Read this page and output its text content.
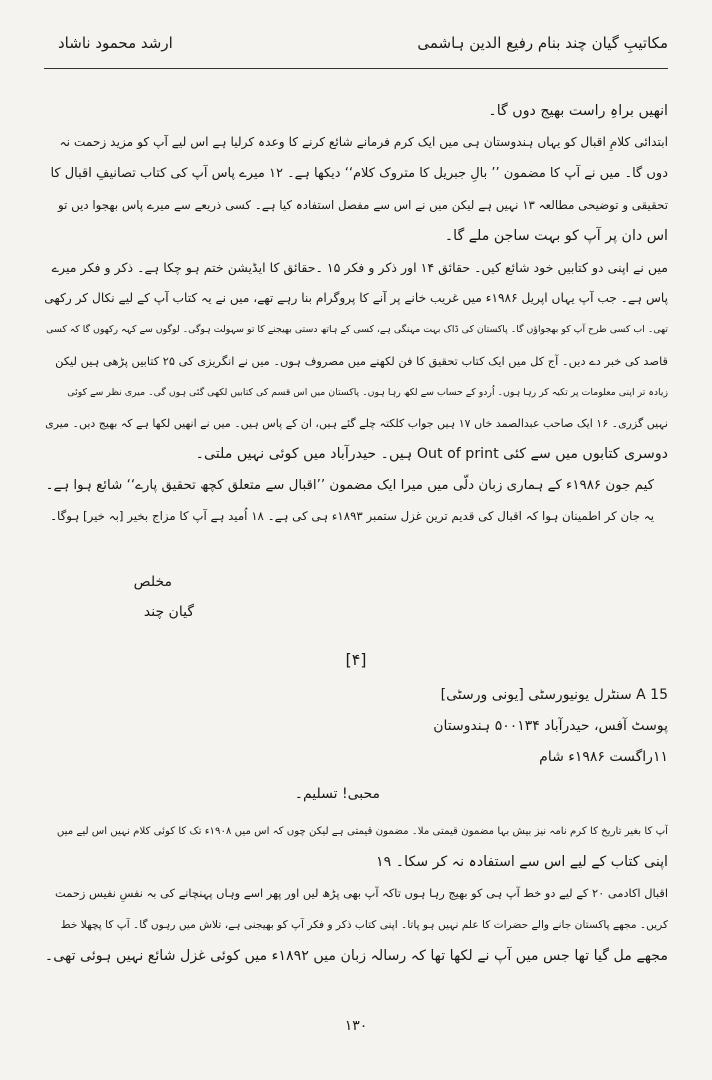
ارشد محمود ناشاد	مکاتیبِ گیان چند بنام رفیع الدین ہاشمی
انھیں براہِ راست بھیج دوں گا۔
ابتدائی کلامِ اقبال کو یہاں ہندوستان ہی میں ایک کرم فرمانے شائع کرنے کا وعدہ کرلیا ہے اس لیے آپ کو مزید زحمت نہ
دوں گا۔ میں نے آپ کا مضمون ’’ بالِ جبریل کا متروک کلام‘‘ دیکھا ہے۔ ۱۲ میرے پاس آپ کی کتاب تصانیفِ اقبال کا
تحقیقی و توضیحی مطالعہ ۱۳ نہیں ہے لیکن میں نے اس سے مفصل استفادہ کیا ہے۔ کسی ذریعے سے میرے پاس بھجوا دیں تو
اس دان پر آپ کو بہت ساجن ملے گا۔
میں نے اپنی دو کتابیں خود شائع کیں۔ حقائق ۱۴ اور ذکر و فکر ۱۵ ۔حقائق کا ایڈیشن ختم ہو چکا ہے۔ ذکر و فکر میرے
پاس ہے۔ جب آپ یہاں اپریل ۱۹۸۶ء میں غریب خانے پر آنے کا پروگرام بنا رہے تھے، میں نے یہ کتاب آپ کے لیے نکال کر رکھی
تھی۔ اب کسی طرح آپ کو بھجواؤں گا۔ پاکستان کی ڈاک بہت مہنگی ہے، کسی کے ہاتھ دستی بھیجنے کا تو سہولت ہوگی۔ لوگوں سے کہہ رکھوں گا کہ کسی
قاصد کی خبر دے دیں۔ آج کل میں ایک کتاب تحقیق کا فن لکھنے میں مصروف ہوں۔ میں نے انگریزی کی ۲۵ کتابیں پڑھی ہیں لیکن
زیادہ تر اپنی معلومات پر تکیہ کر رہا ہوں۔ اُردو کے حساب سے لکھ رہا ہوں۔ پاکستان میں اس قسم کی کتابیں لکھی گئی ہوں گی۔ میری نظر سے کوئی
نہیں گزری۔ ۱۶ ایک صاحب عبدالصمد خاں ۱۷ ہیں جواب کلکتہ چلے گئے ہیں، ان کے پاس ہیں۔ میں نے انھیں لکھا ہے کہ بھیج دیں۔ میری
دوسری کتابوں میں سے کئی Out of print ہیں۔ حیدرآباد میں کوئی نہیں ملتی۔
کیم جون ۱۹۸۶ء کے ہماری زبان دلّی میں میرا ایک مضمون ’’اقبال سے متعلق کچھ تحقیق پارے‘‘ شائع ہوا ہے۔
یہ جان کر اطمینان ہوا کہ اقبال کی قدیم ترین غزل ستمبر ۱۸۹۳ء ہی کی ہے۔ ۱۸ اُمید ہے آپ کا مزاج بخیر [بہ خیر] ہوگا۔
مخلص
گیان چند
[۴]
A 15 سنٹرل یونیورسٹی [یونی ورسٹی]
پوسٹ آفس، حیدرآباد ۵۰۰۱۳۴ ہندوستان
۱۱راگست ۱۹۸۶ء شام
محبی! تسلیم۔
آپ کا بغیر تاریخ کا کرم نامہ نیز بیش بہا مضمون قیمتی ملا۔ مضمون قیمتی ہے لیکن چوں کہ اس میں ۱۹۰۸ء تک کا کوئی کلام نہیں اس لیے میں
اپنی کتاب کے لیے اس سے استفادہ نہ کر سکا۔ ۱۹
اقبال اکادمی ۲۰ کے لیے دو خط آپ ہی کو بھیج رہا ہوں تاکہ آپ بھی پڑھ لیں اور پھر اسے وہاں پہنچانے کی بہ نفسِ نفیس زحمت
کریں۔ مجھے پاکستان جانے والے حضرات کا علم نہیں ہو پاتا۔ اپنی کتاب ذکر و فکر آپ کو بھیجنی ہے، تلاش میں رہوں گا۔ آپ کا پچھلا خط
مجھے مل گیا تھا جس میں آپ نے لکھا تھا کہ رسالہ زبان میں ۱۸۹۲ء میں کوئی غزل شائع نہیں ہوئی تھی۔
۱۳۰
